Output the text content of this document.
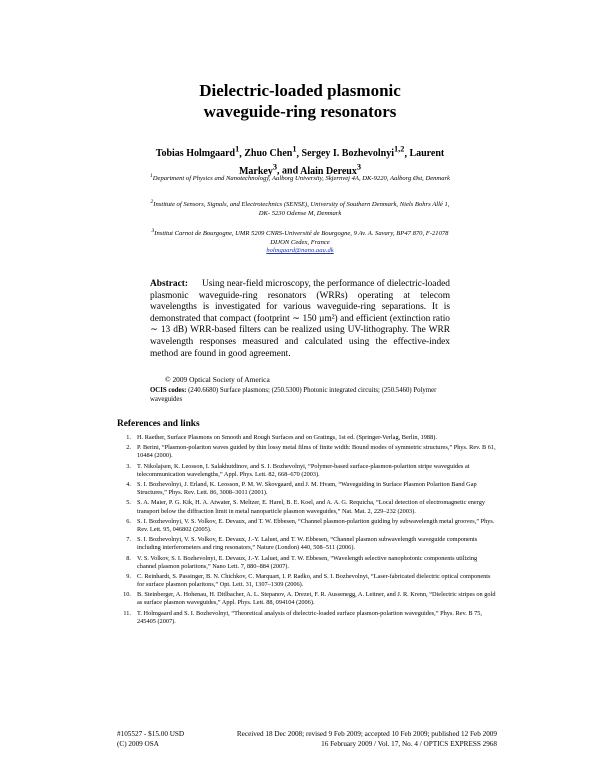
Dielectric-loaded plasmonic
waveguide-ring resonators
Tobias Holmgaard$^1$, Zhuo Chen$^1$, Sergey I. Bozhevolnyi$^{1,2}$, Laurent Markey$^3$, and Alain Dereux$^3$
$^1$Department of Physics and Nanotechnology, Aalborg University, Skjernvej 4A, DK-9220, Aalborg Øst, Denmark
$^2$Institute of Sensors, Signals, and Electrotechnics (SENSE), University of Southern Denmark, Niels Bohrs Allé 1, DK- 5230 Odense M, Denmark
$^3$Institut Carnot de Bourgogne, UMR 5209 CNRS-Université de Bourgogne, 9 Av. A. Savary, BP47 870, F-21078 DIJON Cedex, France
holmgaard@nano.aau.dk
Abstract: Using near-field microscopy, the performance of dielectric-loaded plasmonic waveguide-ring resonators (WRRs) operating at telecom wavelengths is investigated for various waveguide-ring separations. It is demonstrated that compact (footprint ∼ 150 µm²) and efficient (extinction ratio ∼ 13 dB) WRR-based filters can be realized using UV-lithography. The WRR wavelength responses measured and calculated using the effective-index method are found in good agreement.
© 2009 Optical Society of America
OCIS codes: (240.6680) Surface plasmons; (250.5300) Photonic integrated circuits; (250.5460) Polymer waveguides
References and links
1. H. Raether, Surface Plasmons on Smooth and Rough Surfaces and on Gratings, 1st ed. (Springer-Verlag, Berlin, 1988).
2. P. Berini, “Plasmon-polariton waves guided by thin lossy metal films of finite width: Bound modes of symmetric structures,” Phys. Rev. B 61, 10484 (2000).
3. T. Nikolajsen, K. Leosson, I. Salakhutdinov, and S. I. Bozhevolnyi, “Polymer-based surface-plasmon-polariton stripe waveguides at telecommunication wavelengths,” Appl. Phys. Lett. 82, 668–670 (2003).
4. S. I. Bozhevolnyi, J. Erland, K. Leosson, P. M. W. Skovgaard, and J. M. Hvam, “Waveguiding in Surface Plasmon Polariton Band Gap Structures,” Phys. Rev. Lett. 86, 3008–3011 (2001).
5. S. A. Maier, P. G. Kik, H. A. Atwater, S. Meltzer, E. Harel, B. E. Koel, and A. A. G. Requicha, “Local detection of electromagnetic energy transport below the diffraction limit in metal nanoparticle plasmon waveguides,” Nat. Mat. 2, 229–232 (2003).
6. S. I. Bozhevolnyi, V. S. Volkov, E. Devaux, and T. W. Ebbesen, “Channel plasmon-polariton guiding by subwavelength metal grooves,” Phys. Rev. Lett. 95, 046802 (2005).
7. S. I. Bozhevolnyi, V. S. Volkov, E. Devaux, J.-Y. Laluet, and T. W. Ebbesen, “Channel plasmon subwavelength waveguide components including interferometers and ring resonators,” Nature (London) 440, 508–511 (2006).
8. V. S. Volkov, S. I. Bozhevolnyi, E. Devaux, J.-Y. Laluet, and T. W. Ebbesen, “Wavelength selective nanophotonic components utilizing channel plasmon polaritons,” Nano Lett. 7, 880–884 (2007).
9. C. Reinhardt, S. Passinger, B. N. Chichkov, C. Marquart, I. P. Radko, and S. I. Bozhevolnyi, “Laser-fabricated dielectric optical components for surface plasmon polaritons,” Opt. Lett. 31, 1307–1309 (2006).
10. B. Steinberger, A. Hohenau, H. Ditlbacher, A. L. Stepanov, A. Drezet, F. R. Aussenegg, A. Leitner, and J. R. Krenn, “Dielectric stripes on gold as surface plasmon waveguides,” Appl. Phys. Lett. 88, 094104 (2006).
11. T. Holmgaard and S. I. Bozhevolnyi, “Theoretical analysis of dielectric-loaded surface plasmon-polariton waveguides,” Phys. Rev. B 75, 245405 (2007).
#105527 - $15.00 USD
(C) 2009 OSA
Received 18 Dec 2008; revised 9 Feb 2009; accepted 10 Feb 2009; published 12 Feb 2009
16 February 2009 / Vol. 17, No. 4 / OPTICS EXPRESS 2968
